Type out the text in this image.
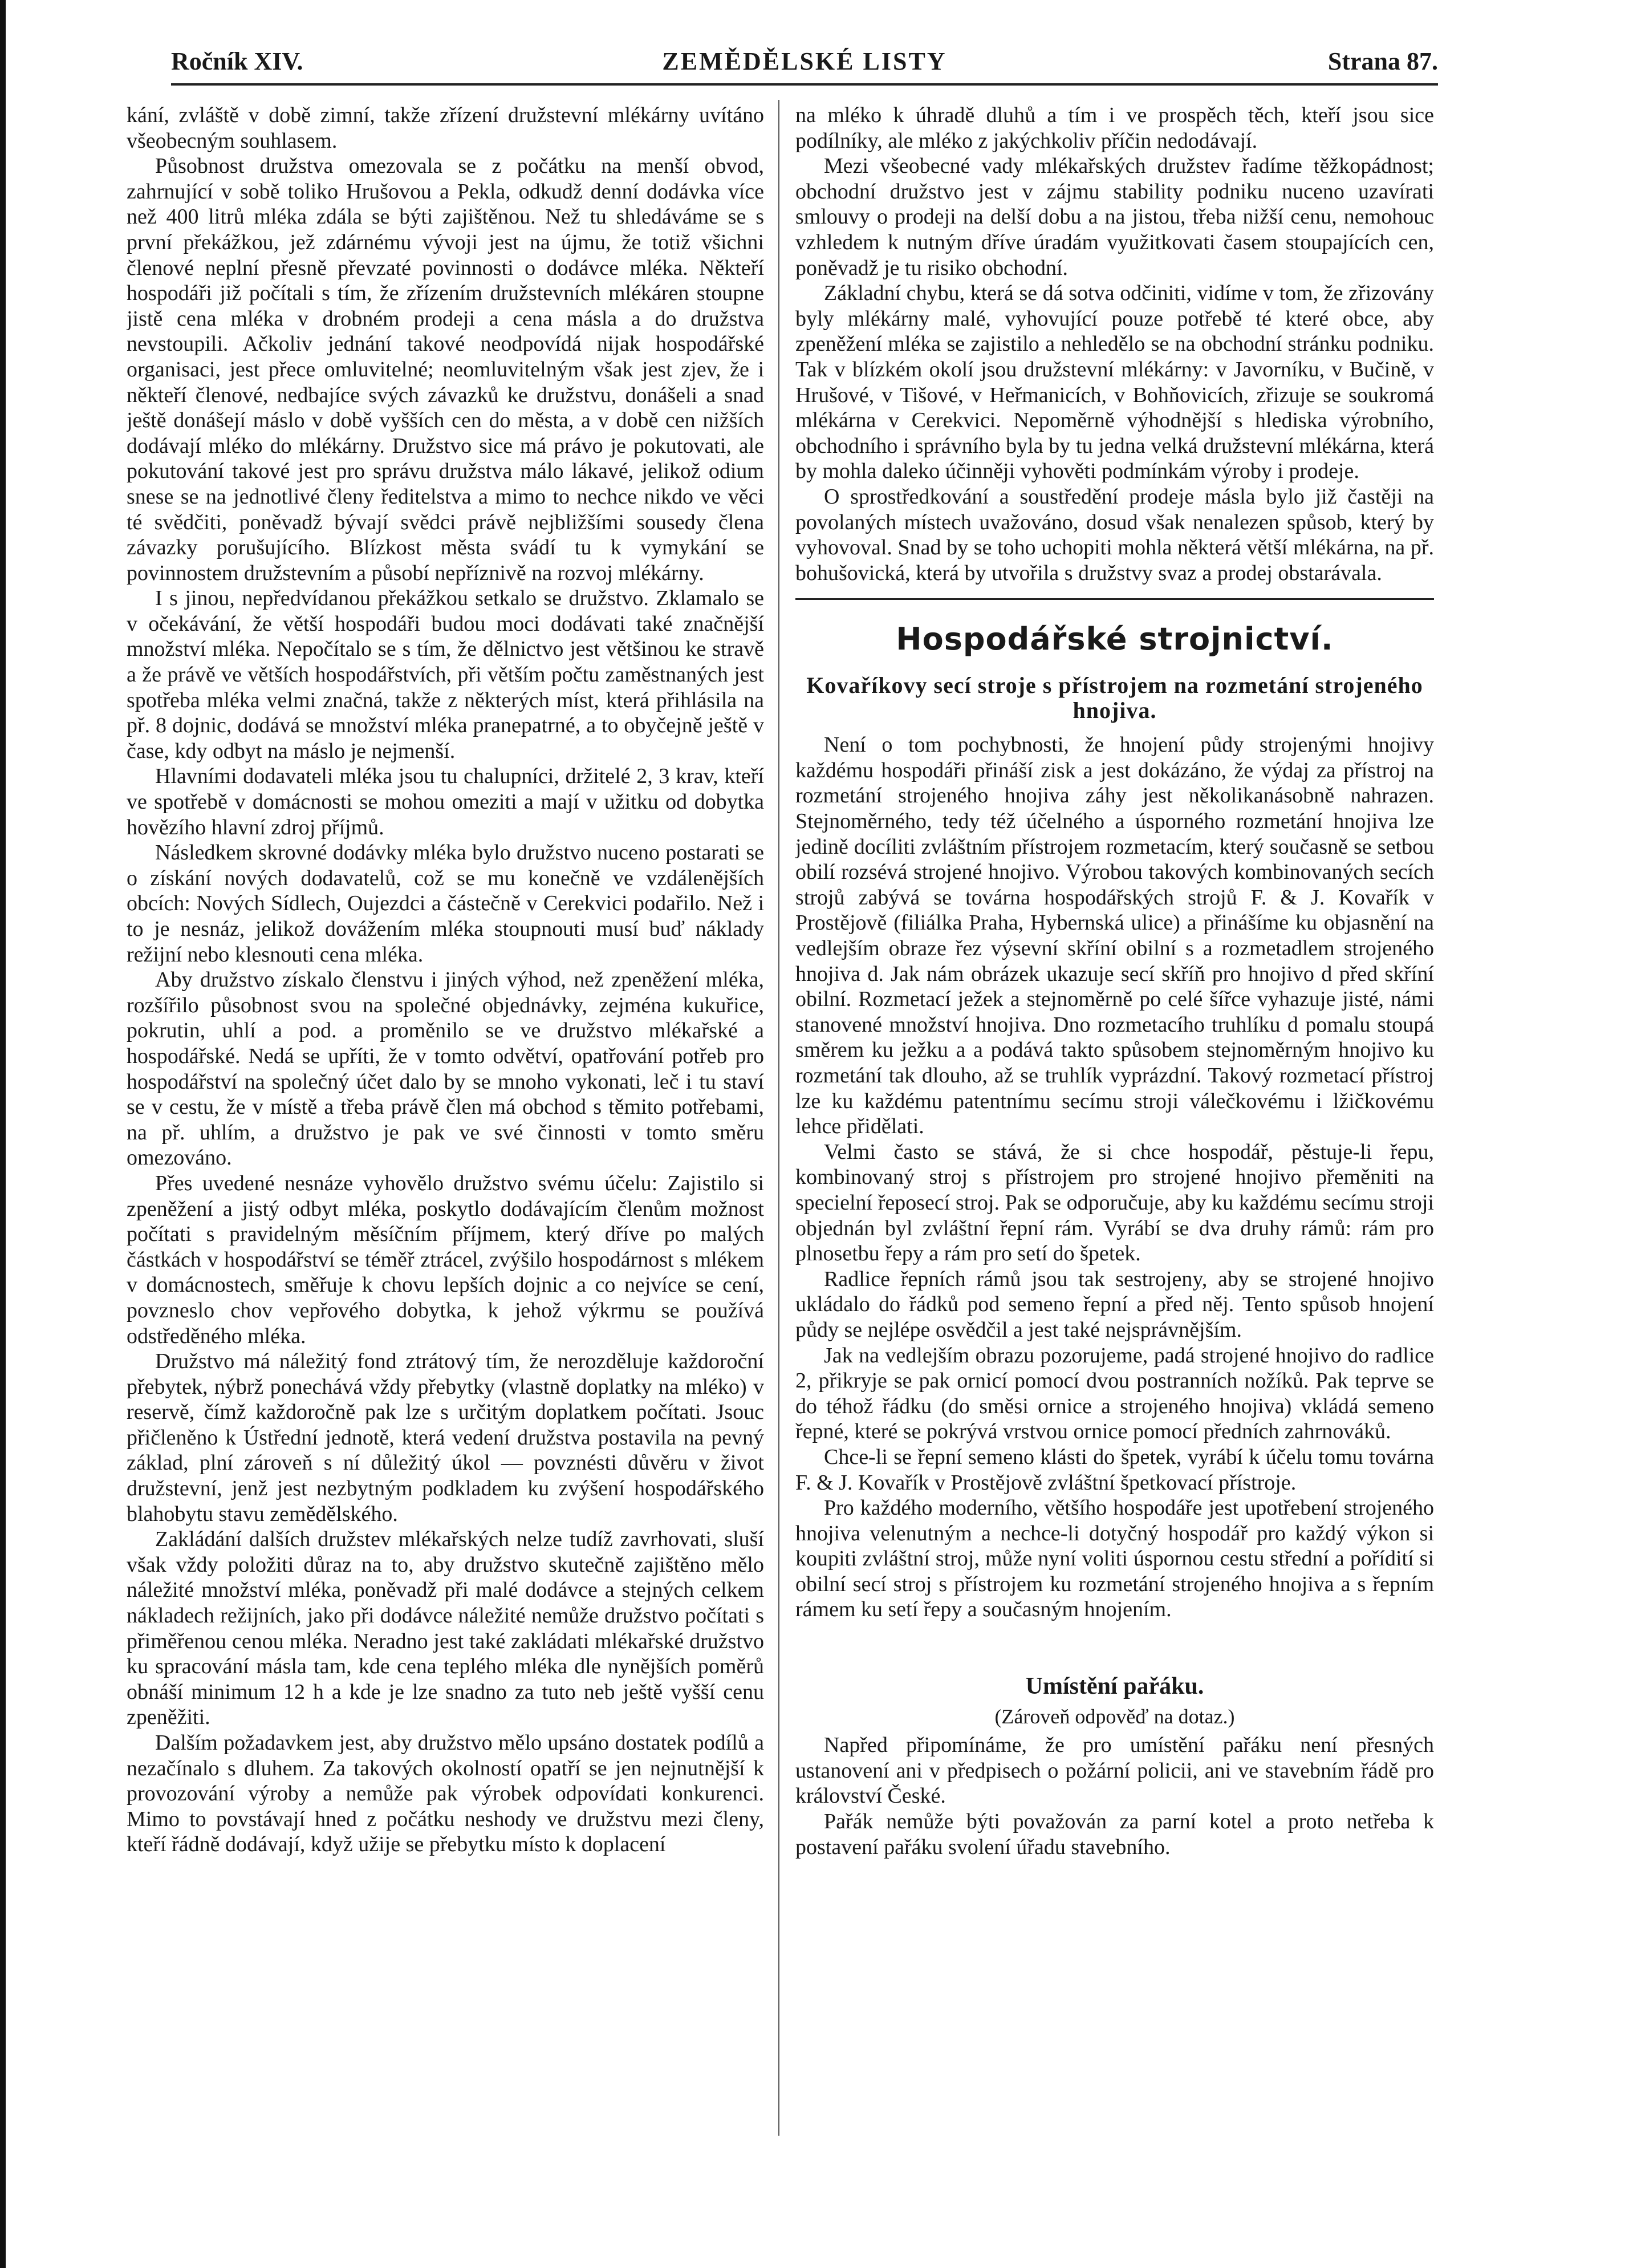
Ročník XIV.	ZEMĚDĚLSKÉ LISTY	Strana 87.

kání, zvláště v době zimní, takže zřízení družstevní mlékárny uvítáno všeobecným souhlasem.

Působnost družstva omezovala se z počátku na menší obvod, zahrnující v sobě toliko Hrušovou a Pekla, odkudž denní dodávka více než 400 litrů mléka zdála se býti zajištěnou. Než tu shledáváme se s první překážkou, jež zdárnému vývoji jest na újmu, že totiž všichni členové neplní přesně převzaté povinnosti o dodávce mléka. Někteří hospodáři již počítali s tím, že zřízením družstevních mlékáren stoupne jistě cena mléka v drobném prodeji a cena másla a do družstva nevstoupili. Ačkoliv jednání takové neodpovídá nijak hospodářské organisaci, jest přece omluvitelné; neomluvitelným však jest zjev, že i někteří členové, nedbajíce svých závazků ke družstvu, donášeli a snad ještě donášejí máslo v době vyšších cen do města, a v době cen nižších dodávají mléko do mlékárny. Družstvo sice má právo je pokutovati, ale pokutování takové jest pro správu družstva málo lákavé, jelikož odium snese se na jednotlivé členy ředitelstva a mimo to nechce nikdo ve věci té svědčiti, poněvadž bývají svědci právě nejbližšími sousedy člena závazky porušujícího. Blízkost města svádí tu k vymykání se povinnostem družstevním a působí nepříznivě na rozvoj mlékárny.

I s jinou, nepředvídanou překážkou setkalo se družstvo. Zklamalo se v očekávání, že větší hospodáři budou moci dodávati také značnější množství mléka. Nepočítalo se s tím, že dělnictvo jest většinou ke stravě a že právě ve větších hospodářstvích, při větším počtu zaměstnaných jest spotřeba mléka velmi značná, takže z některých míst, která přihlásila na př. 8 dojnic, dodává se množství mléka pranepatrné, a to obyčejně ještě v čase, kdy odbyt na máslo je nejmenší.

Hlavními dodavateli mléka jsou tu chalupníci, držitelé 2, 3 krav, kteří ve spotřebě v domácnosti se mohou omeziti a mají v užitku od dobytka hovězího hlavní zdroj příjmů.

Následkem skrovné dodávky mléka bylo družstvo nuceno postarati se o získání nových dodavatelů, což se mu konečně ve vzdálenějších obcích: Nových Sídlech, Oujezdci a částečně v Cerekvici podařilo. Než i to je nesnáz, jelikož dovážením mléka stoupnouti musí buď náklady režijní nebo klesnouti cena mléka.

Aby družstvo získalo členstvu i jiných výhod, než zpeněžení mléka, rozšířilo působnost svou na společné objednávky, zejména kukuřice, pokrutin, uhlí a pod. a proměnilo se ve družstvo mlékařské a hospodářské. Nedá se upříti, že v tomto odvětví, opatřování potřeb pro hospodářství na společný účet dalo by se mnoho vykonati, leč i tu staví se v cestu, že v místě a třeba právě člen má obchod s těmito potřebami, na př. uhlím, a družstvo je pak ve své činnosti v tomto směru omezováno.

Přes uvedené nesnáze vyhovělo družstvo svému účelu: Zajistilo si zpeněžení a jistý odbyt mléka, poskytlo dodávajícím členům možnost počítati s pravidelným měsíčním příjmem, který dříve po malých částkách v hospodářství se téměř ztrácel, zvýšilo hospodárnost s mlékem v domácnostech, směřuje k chovu lepších dojnic a co nejvíce se cení, povzneslo chov vepřového dobytka, k jehož výkrmu se používá odstředěného mléka.

Družstvo má náležitý fond ztrátový tím, že nerozděluje každoroční přebytek, nýbrž ponechává vždy přebytky (vlastně doplatky na mléko) v reservě, čímž každoročně pak lze s určitým doplatkem počítati. Jsouc přičleněno k Ústřední jednotě, která vedení družstva postavila na pevný základ, plní zároveň s ní důležitý úkol — povznésti důvěru v život družstevní, jenž jest nezbytným podkladem ku zvýšení hospodářského blahobytu stavu zemědělského.

Zakládání dalších družstev mlékařských nelze tudíž zavrhovati, sluší však vždy položiti důraz na to, aby družstvo skutečně zajištěno mělo náležité množství mléka, poněvadž při malé dodávce a stejných celkem nákladech režijních, jako při dodávce náležité nemůže družstvo počítati s přiměřenou cenou mléka. Neradno jest také zakládati mlékařské družstvo ku spracování másla tam, kde cena teplého mléka dle nynějších poměrů obnáší minimum 12 h a kde je lze snadno za tuto neb ještě vyšší cenu zpeněžiti.

Dalším požadavkem jest, aby družstvo mělo upsáno dostatek podílů a nezačínalo s dluhem. Za takových okolností opatří se jen nejnutnější k provozování výroby a nemůže pak výrobek odpovídati konkurenci. Mimo to povstávají hned z počátku neshody ve družstvu mezi členy, kteří řádně dodávají, když užije se přebytku místo k doplacení

na mléko k úhradě dluhů a tím i ve prospěch těch, kteří jsou sice podílníky, ale mléko z jakýchkoliv příčin nedodávají.

Mezi všeobecné vady mlékařských družstev řadíme těžkopádnost; obchodní družstvo jest v zájmu stability podniku nuceno uzavírati smlouvy o prodeji na delší dobu a na jistou, třeba nižší cenu, nemohouc vzhledem k nutným dříve úradám využitkovati časem stoupajících cen, poněvadž je tu risiko obchodní.

Základní chybu, která se dá sotva odčiniti, vidíme v tom, že zřizovány byly mlékárny malé, vyhovující pouze potřebě té které obce, aby zpeněžení mléka se zajistilo a nehledělo se na obchodní stránku podniku. Tak v blízkém okolí jsou družstevní mlékárny: v Javorníku, v Bučině, v Hrušové, v Tišové, v Heřmanicích, v Bohňovicích, zřizuje se soukromá mlékárna v Cerekvici. Nepoměrně výhodnější s hlediska výrobního, obchodního i správního byla by tu jedna velká družstevní mlékárna, která by mohla daleko účinněji vyhověti podmínkám výroby i prodeje.

O sprostředkování a soustředění prodeje másla bylo již častěji na povolaných místech uvažováno, dosud však nenalezen spůsob, který by vyhovoval. Snad by se toho uchopiti mohla některá větší mlékárna, na př. bohušovická, která by utvořila s družstvy svaz a prodej obstarávala.

Hospodářské strojnictví.
Kovaříkovy secí stroje s přístrojem na rozmetání strojeného hnojiva.

Není o tom pochybnosti, že hnojení půdy strojenými hnojivy každému hospodáři přináší zisk a jest dokázáno, že výdaj za přístroj na rozmetání strojeného hnojiva záhy jest několikanásobně nahrazen. Stejnoměrného, tedy též účelného a úsporného rozmetání hnojiva lze jedině docíliti zvláštním přístrojem rozmetacím, který současně se setbou obilí rozsévá strojené hnojivo. Výrobou takových kombinovaných secích strojů zabývá se továrna hospodářských strojů F. & J. Kovařík v Prostějově (filiálka Praha, Hybernská ulice) a přinášíme ku objasnění na vedlejším obraze řez výsevní skříní obilní s a rozmetadlem strojeného hnojiva d. Jak nám obrázek ukazuje secí skříň pro hnojivo d před skříní obilní. Rozmetací ježek a stejnoměrně po celé šířce vyhazuje jisté, námi stanovené množství hnojiva. Dno rozmetacího truhlíku d pomalu stoupá směrem ku ježku a a podává takto spůsobem stejnoměrným hnojivo ku rozmetání tak dlouho, až se truhlík vyprázdní. Takový rozmetací přístroj lze ku každému patentnímu secímu stroji válečkovému i lžičkovému lehce přidělati.

Velmi často se stává, že si chce hospodář, pěstuje-li řepu, kombinovaný stroj s přístrojem pro strojené hnojivo přeměniti na specielní řeposecí stroj. Pak se odporučuje, aby ku každému secímu stroji objednán byl zvláštní řepní rám. Vyrábí se dva druhy rámů: rám pro plnosetbu řepy a rám pro setí do špetek.

Radlice řepních rámů jsou tak sestrojeny, aby se strojené hnojivo ukládalo do řádků pod semeno řepní a před něj. Tento spůsob hnojení půdy se nejlépe osvědčil a jest také nejsprávnějším.

Jak na vedlejším obrazu pozorujeme, padá strojené hnojivo do radlice 2, přikryje se pak ornicí pomocí dvou postranních nožíků. Pak teprve se do téhož řádku (do směsi ornice a strojeného hnojiva) vkládá semeno řepné, které se pokrývá vrstvou ornice pomocí předních zahrnováků.

Chce-li se řepní semeno klásti do špetek, vyrábí k účelu tomu továrna F. & J. Kovařík v Prostějově zvláštní špetkovací přístroje.

Pro každého moderního, většího hospodáře jest upotřebení strojeného hnojiva velenutným a nechce-li dotyčný hospodář pro každý výkon si koupiti zvláštní stroj, může nyní voliti úspornou cestu střední a pořídití si obilní secí stroj s přístrojem ku rozmetání strojeného hnojiva a s řepním rámem ku setí řepy a současným hnojením.

Umístění pařáku.
(Zároveň odpověď na dotaz.)

Napřed připomínáme, že pro umístění pařáku není přesných ustanovení ani v předpisech o požární policii, ani ve stavebním řádě pro království České.

Pařák nemůže býti považován za parní kotel a proto netřeba k postavení pařáku svolení úřadu stavebního.
